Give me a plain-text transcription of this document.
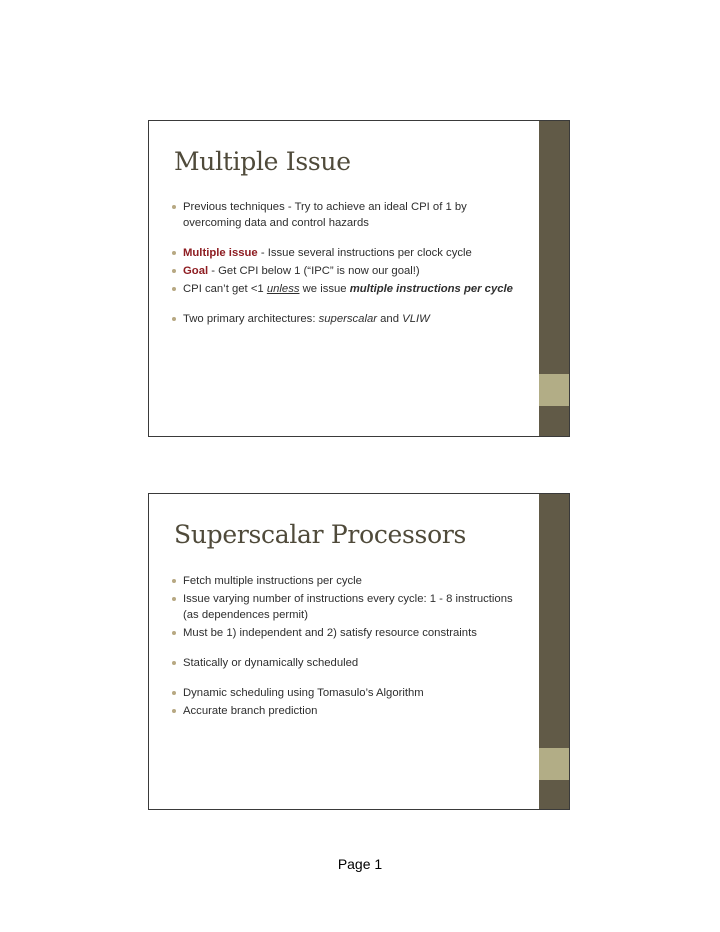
Multiple Issue
Previous techniques - Try to achieve an ideal CPI of 1 by overcoming data and control hazards
Multiple issue - Issue several instructions per clock cycle
Goal - Get CPI below 1 (“IPC” is now our goal!)
CPI can’t get <1 unless we issue multiple instructions per cycle
Two primary architectures: superscalar and VLIW
Superscalar Processors
Fetch multiple instructions per cycle
Issue varying number of instructions every cycle: 1 - 8 instructions (as dependences permit)
Must be 1) independent and 2) satisfy resource constraints
Statically or dynamically scheduled
Dynamic scheduling using Tomasulo’s Algorithm
Accurate branch prediction
Page 1
